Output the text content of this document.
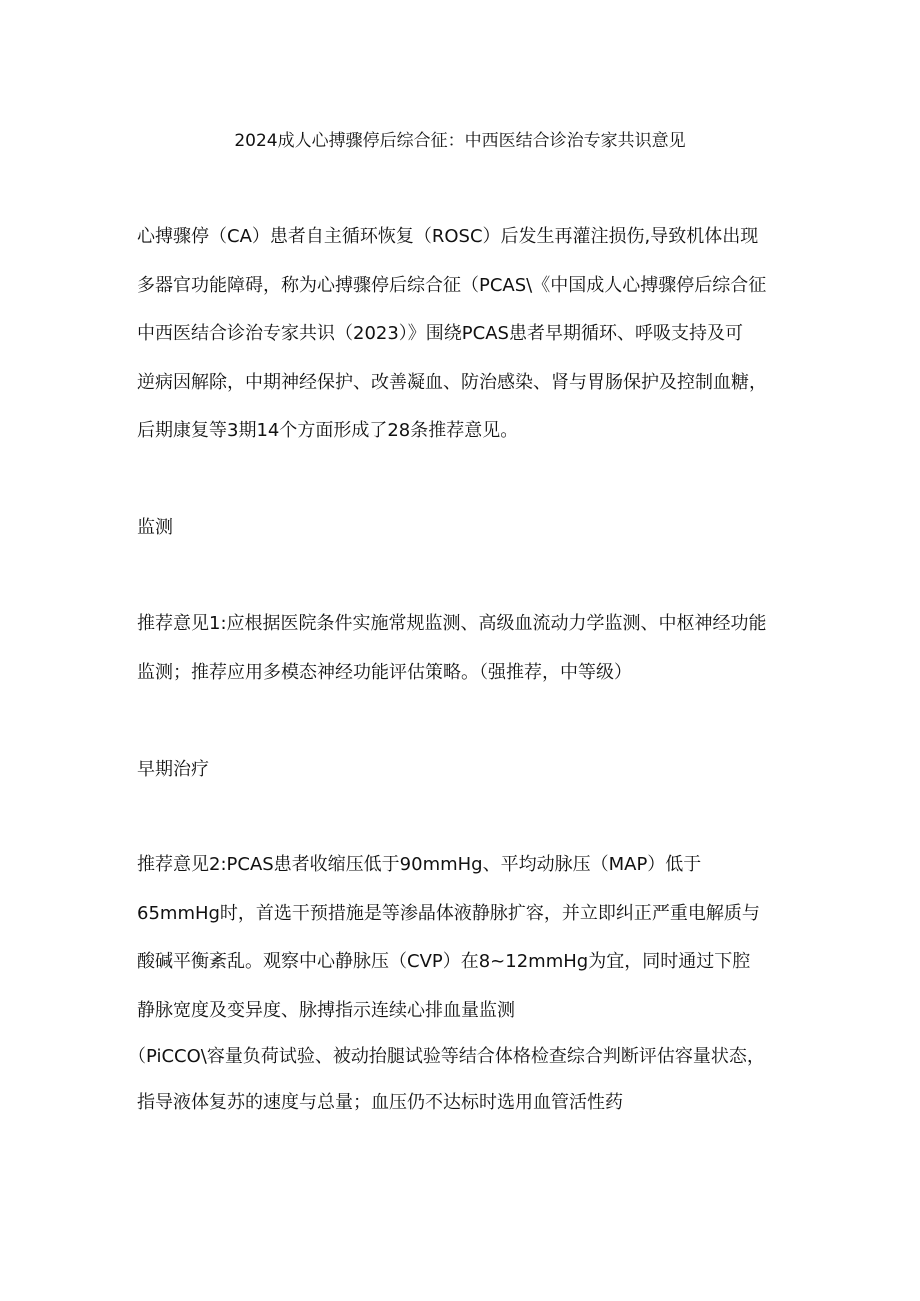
2024成人心搏骤停后综合征：中西医结合诊治专家共识意见
心搏骤停（CA）患者自主循环恢复（ROSC）后发生再灌注损伤,导致机体出现
多器官功能障碍，称为心搏骤停后综合征（PCAS\《中国成人心搏骤停后综合征
中西医结合诊治专家共识（2023）》围绕PCAS患者早期循环、呼吸支持及可
逆病因解除，中期神经保护、改善凝血、防治感染、肾与胃肠保护及控制血糖，
后期康复等3期14个方面形成了28条推荐意见。
监测
推荐意见1:应根据医院条件实施常规监测、高级血流动力学监测、中枢神经功能
监测；推荐应用多模态神经功能评估策略。（强推荐，中等级）
早期治疗
推荐意见2:PCAS患者收缩压低于90mmHg、平均动脉压（MAP）低于
65mmHg时，首选干预措施是等渗晶体液静脉扩容，并立即纠正严重电解质与
酸碱平衡紊乱。观察中心静脉压（CVP）在8~12mmHg为宜，同时通过下腔
静脉宽度及变异度、脉搏指示连续心排血量监测
（PiCCO\容量负荷试验、被动抬腿试验等结合体格检查综合判断评估容量状态，
指导液体复苏的速度与总量；血压仍不达标时选用血管活性药
